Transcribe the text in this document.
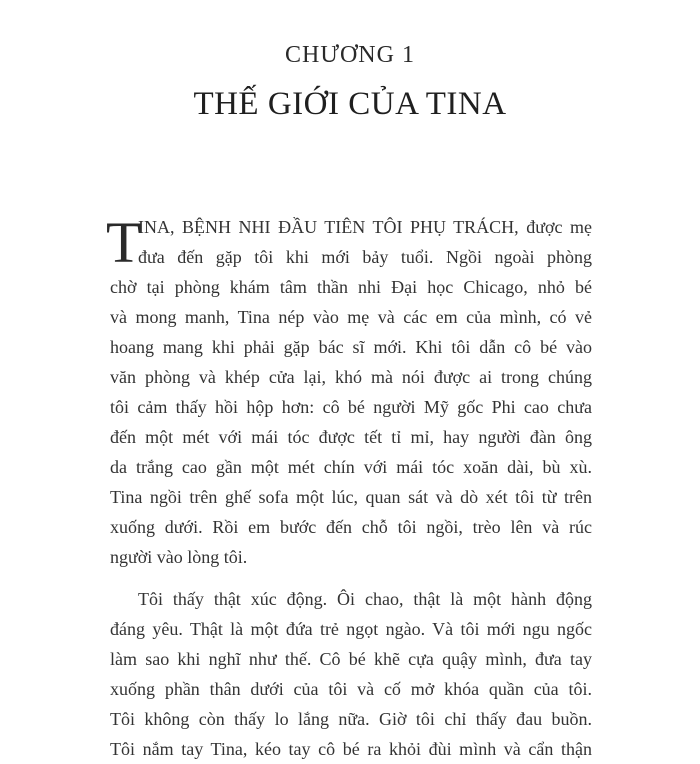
CHƯƠNG 1
THẾ GIỚI CỦA TINA
T
INA, BỆNH NHI ĐẦU TIÊN TÔI PHỤ TRÁCH, được mẹ
đưa đến gặp tôi khi mới bảy tuổi. Ngồi ngoài phòng
chờ tại phòng khám tâm thần nhi Đại học Chicago, nhỏ bé
và mong manh, Tina nép vào mẹ và các em của mình, có vẻ
hoang mang khi phải gặp bác sĩ mới. Khi tôi dẫn cô bé vào
văn phòng và khép cửa lại, khó mà nói được ai trong chúng
tôi cảm thấy hồi hộp hơn: cô bé người Mỹ gốc Phi cao chưa
đến một mét với mái tóc được tết tỉ mỉ, hay người đàn ông
da trắng cao gần một mét chín với mái tóc xoăn dài, bù xù.
Tina ngồi trên ghế sofa một lúc, quan sát và dò xét tôi từ trên
xuống dưới. Rồi em bước đến chỗ tôi ngồi, trèo lên và rúc
người vào lòng tôi.
Tôi thấy thật xúc động. Ôi chao, thật là một hành động
đáng yêu. Thật là một đứa trẻ ngọt ngào. Và tôi mới ngu ngốc
làm sao khi nghĩ như thế. Cô bé khẽ cựa quậy mình, đưa tay
xuống phần thân dưới của tôi và cố mở khóa quần của tôi.
Tôi không còn thấy lo lắng nữa. Giờ tôi chỉ thấy đau buồn.
Tôi nắm tay Tina, kéo tay cô bé ra khỏi đùi mình và cẩn thận
